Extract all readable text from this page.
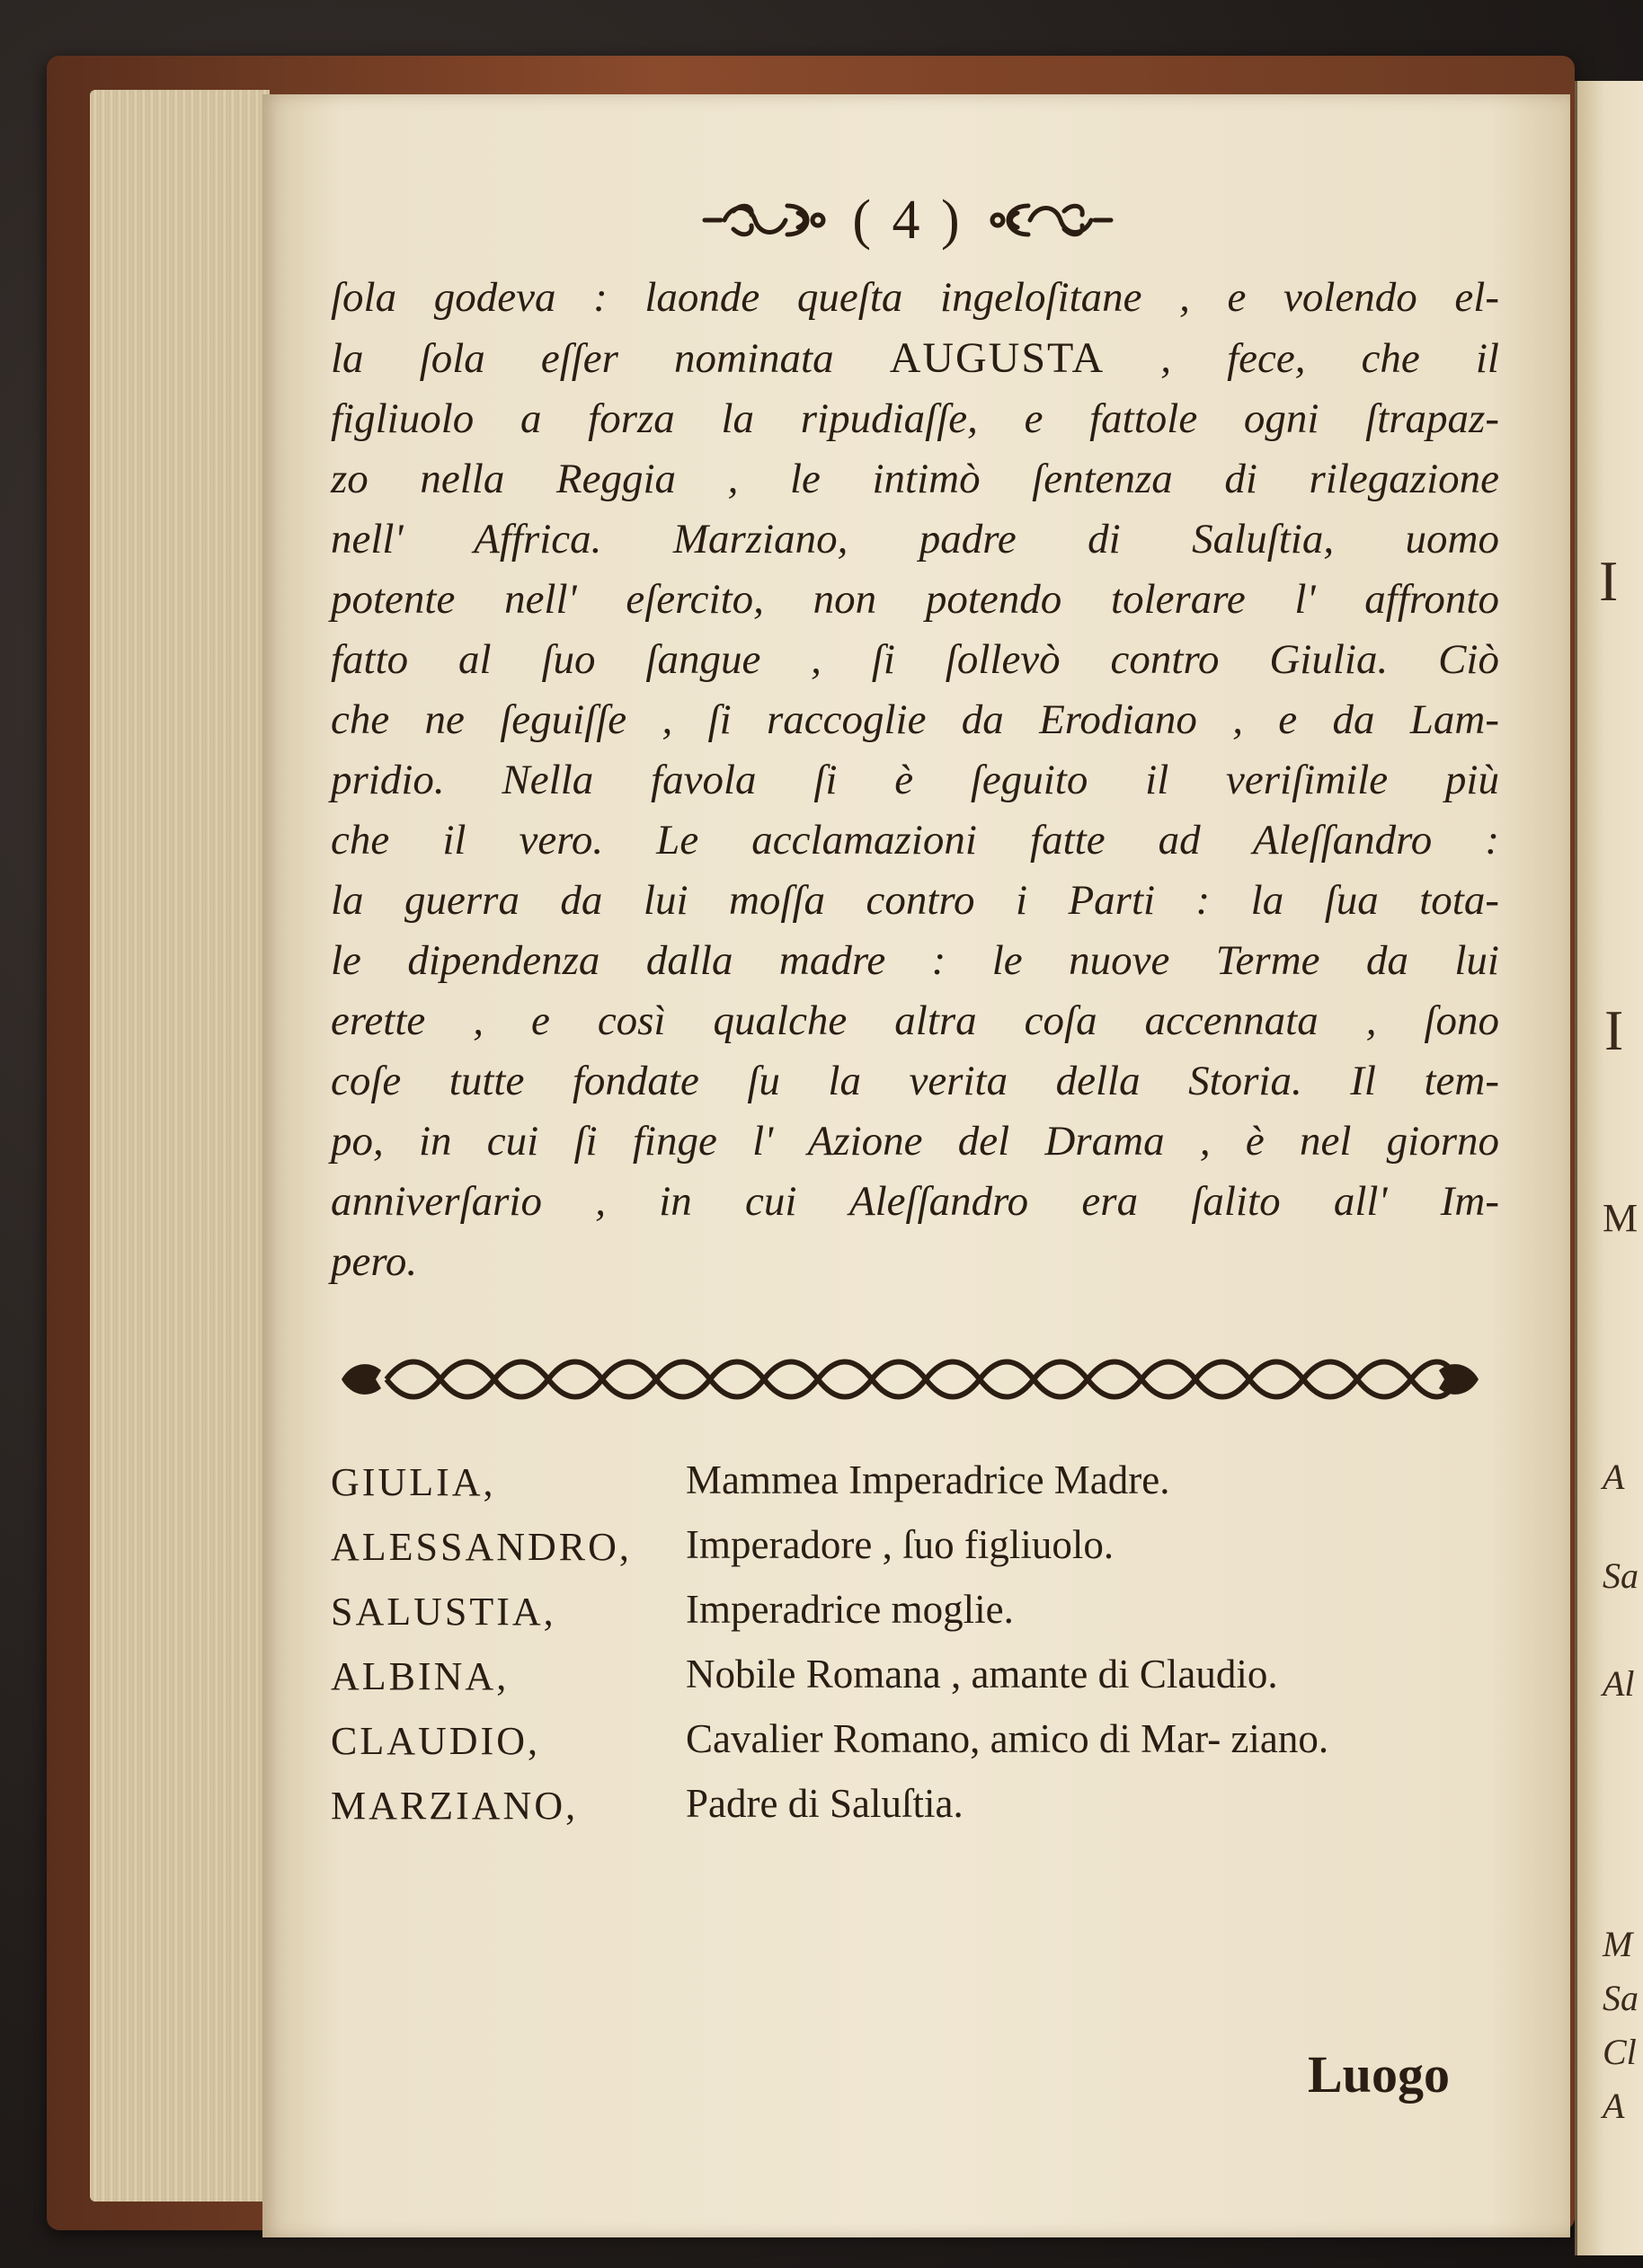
I
I
M
A
Sa
Al
M
Sa
Cl
A
( 4 )

ſola godeva : laonde queſta ingeloſitane , e volendo el-

la ſola eſſer nominata AUGUSTA , fece, che il

figliuolo a forza la ripudiaſſe, e fattole ogni ſtrapaz-

zo nella Reggia , le intimò ſentenza di rilegazione

nell' Affrica. Marziano, padre di Saluſtia, uomo

potente nell' eſercito, non potendo tolerare l' affronto

fatto al ſuo ſangue , ſi ſollevò contro Giulia. Ciò

che ne ſeguiſſe , ſi raccoglie da Erodiano , e da Lam-

pridio. Nella favola ſi è ſeguito il veriſimile più

che il vero. Le acclamazioni fatte ad Aleſſandro :

la guerra da lui moſſa contro i Parti : la ſua tota-

le dipendenza dalla madre : le nuove Terme da lui

erette , e così qualche altra coſa accennata , ſono

coſe tutte fondate ſu la verita della Storia. Il tem-

po, in cui ſi finge l' Azione del Drama , è nel giorno

anniverſario , in cui Aleſſandro era ſalito all' Im-

pero.

GIULIA,	Mammea Imperadrice Madre.
ALESSANDRO,	Imperadore , ſuo figliuolo.
SALUSTIA,	Imperadrice moglie.
ALBINA,	Nobile Romana , amante di Claudio.
CLAUDIO,	Cavalier Romano, amico di Mar- ziano.
MARZIANO,	Padre di Saluſtia.
Luogo
